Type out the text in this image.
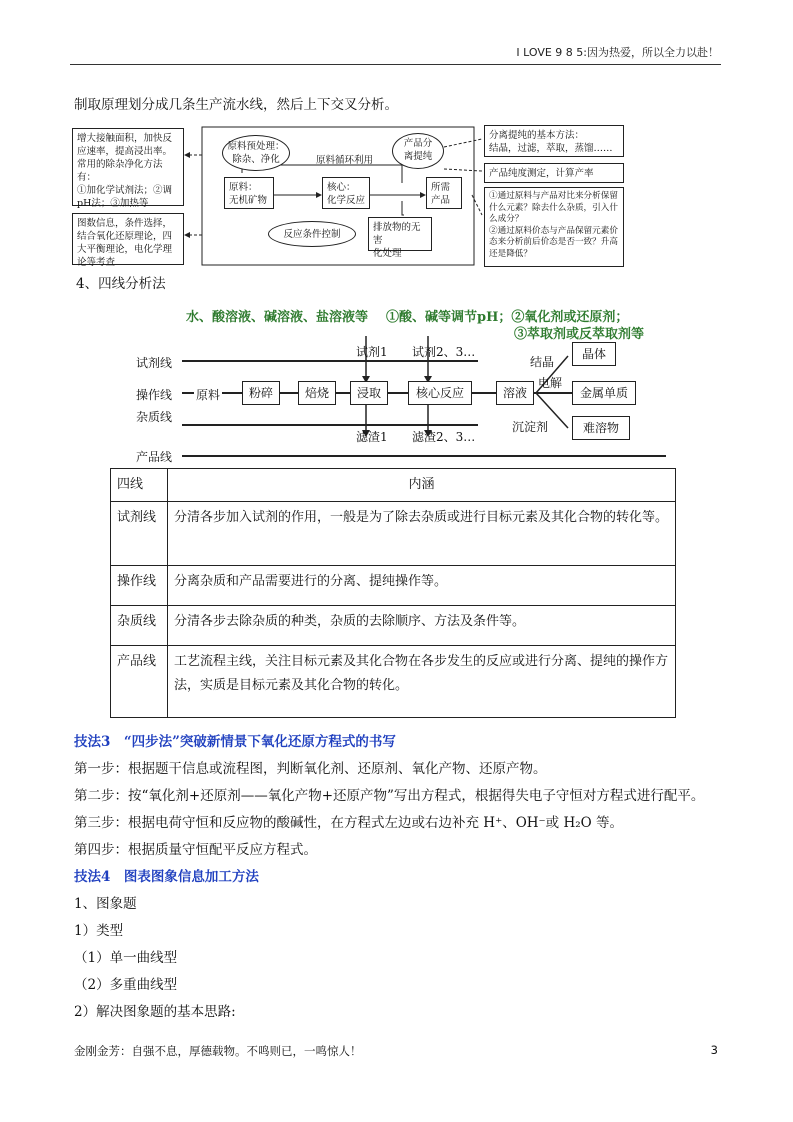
I LOVE 9 8 5:因为热爱，所以全力以赴！
制取原理划分成几条生产流水线，然后上下交叉分析。
增大接触面积，加快反应速率，提高浸出率。
常用的除杂净化方法有：
①加化学试剂法；②调pH法；③加热等
图数信息，条件选择，结合氧化还原理论，四大平衡理论，电化学理论等考查
原料预处理：
除杂、净化	原料循环利用
原料：
无机矿物
核心：
化学反应
所需
产品
产品分
离提纯
反应条件控制
排放物的无害
化处理
分离提纯的基本方法：
结晶，过滤，萃取，蒸馏……
产品纯度测定，计算产率
①通过原料与产品对比来分析保留什么元素？除去什么杂质，引入什么成分？
②通过原料价态与产品保留元素价态来分析前后价态是否一致？升高还是降低？
4、四线分析法
水、酸溶液、碱溶液、盐溶液等 ①酸、碱等调节pH；②氧化剂或还原剂；
③萃取剂或反萃取剂等
试剂线
操作线
杂质线
产品线
原料	粉碎	焙烧	浸取	核心反应	溶液
试剂1 试剂2、3…
滤渣1 滤渣2、3…
结晶
电解
沉淀剂
晶体
金属单质
难溶物
四线	内涵
试剂线	分清各步加入试剂的作用，一般是为了除去杂质或进行目标元素及其化合物的转化等。
操作线	分离杂质和产品需要进行的分离、提纯操作等。
杂质线	分清各步去除杂质的种类，杂质的去除顺序、方法及条件等。
产品线	工艺流程主线，关注目标元素及其化合物在各步发生的反应或进行分离、提纯的操作方法，实质是目标元素及其化合物的转化。
技法3　“四步法”突破新情景下氧化还原方程式的书写
第一步：根据题干信息或流程图，判断氧化剂、还原剂、氧化产物、还原产物。
第二步：按“氧化剂+还原剂——氧化产物+还原产物”写出方程式，根据得失电子守恒对方程式进行配平。
第三步：根据电荷守恒和反应物的酸碱性，在方程式左边或右边补充 H⁺、OH⁻或 H₂O 等。
第四步：根据质量守恒配平反应方程式。
技法4　图表图象信息加工方法
1、图象题
1）类型
（1）单一曲线型
（2）多重曲线型
2）解决图象题的基本思路:
金刚金芳：自强不息，厚德载物。不鸣则已，一鸣惊人！	3
